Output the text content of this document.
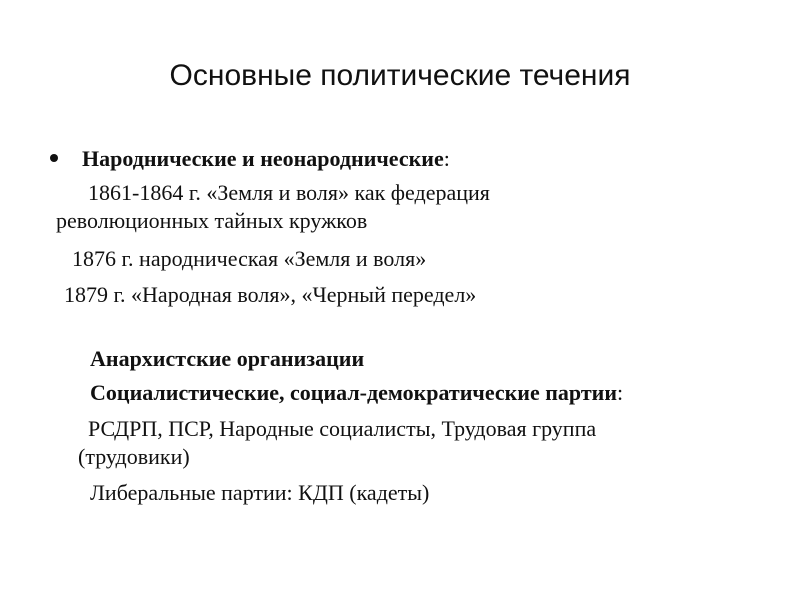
Основные политические течения
Народнические и неонароднические:
1861-1864 г. «Земля и воля» как федерация
революционных тайных кружков
1876 г. народническая «Земля и воля»
1879 г. «Народная воля», «Черный передел»
Анархистские организации
Социалистические, социал-демократические партии:
РСДРП, ПСР, Народные социалисты, Трудовая группа
(трудовики)
Либеральные партии: КДП (кадеты)
